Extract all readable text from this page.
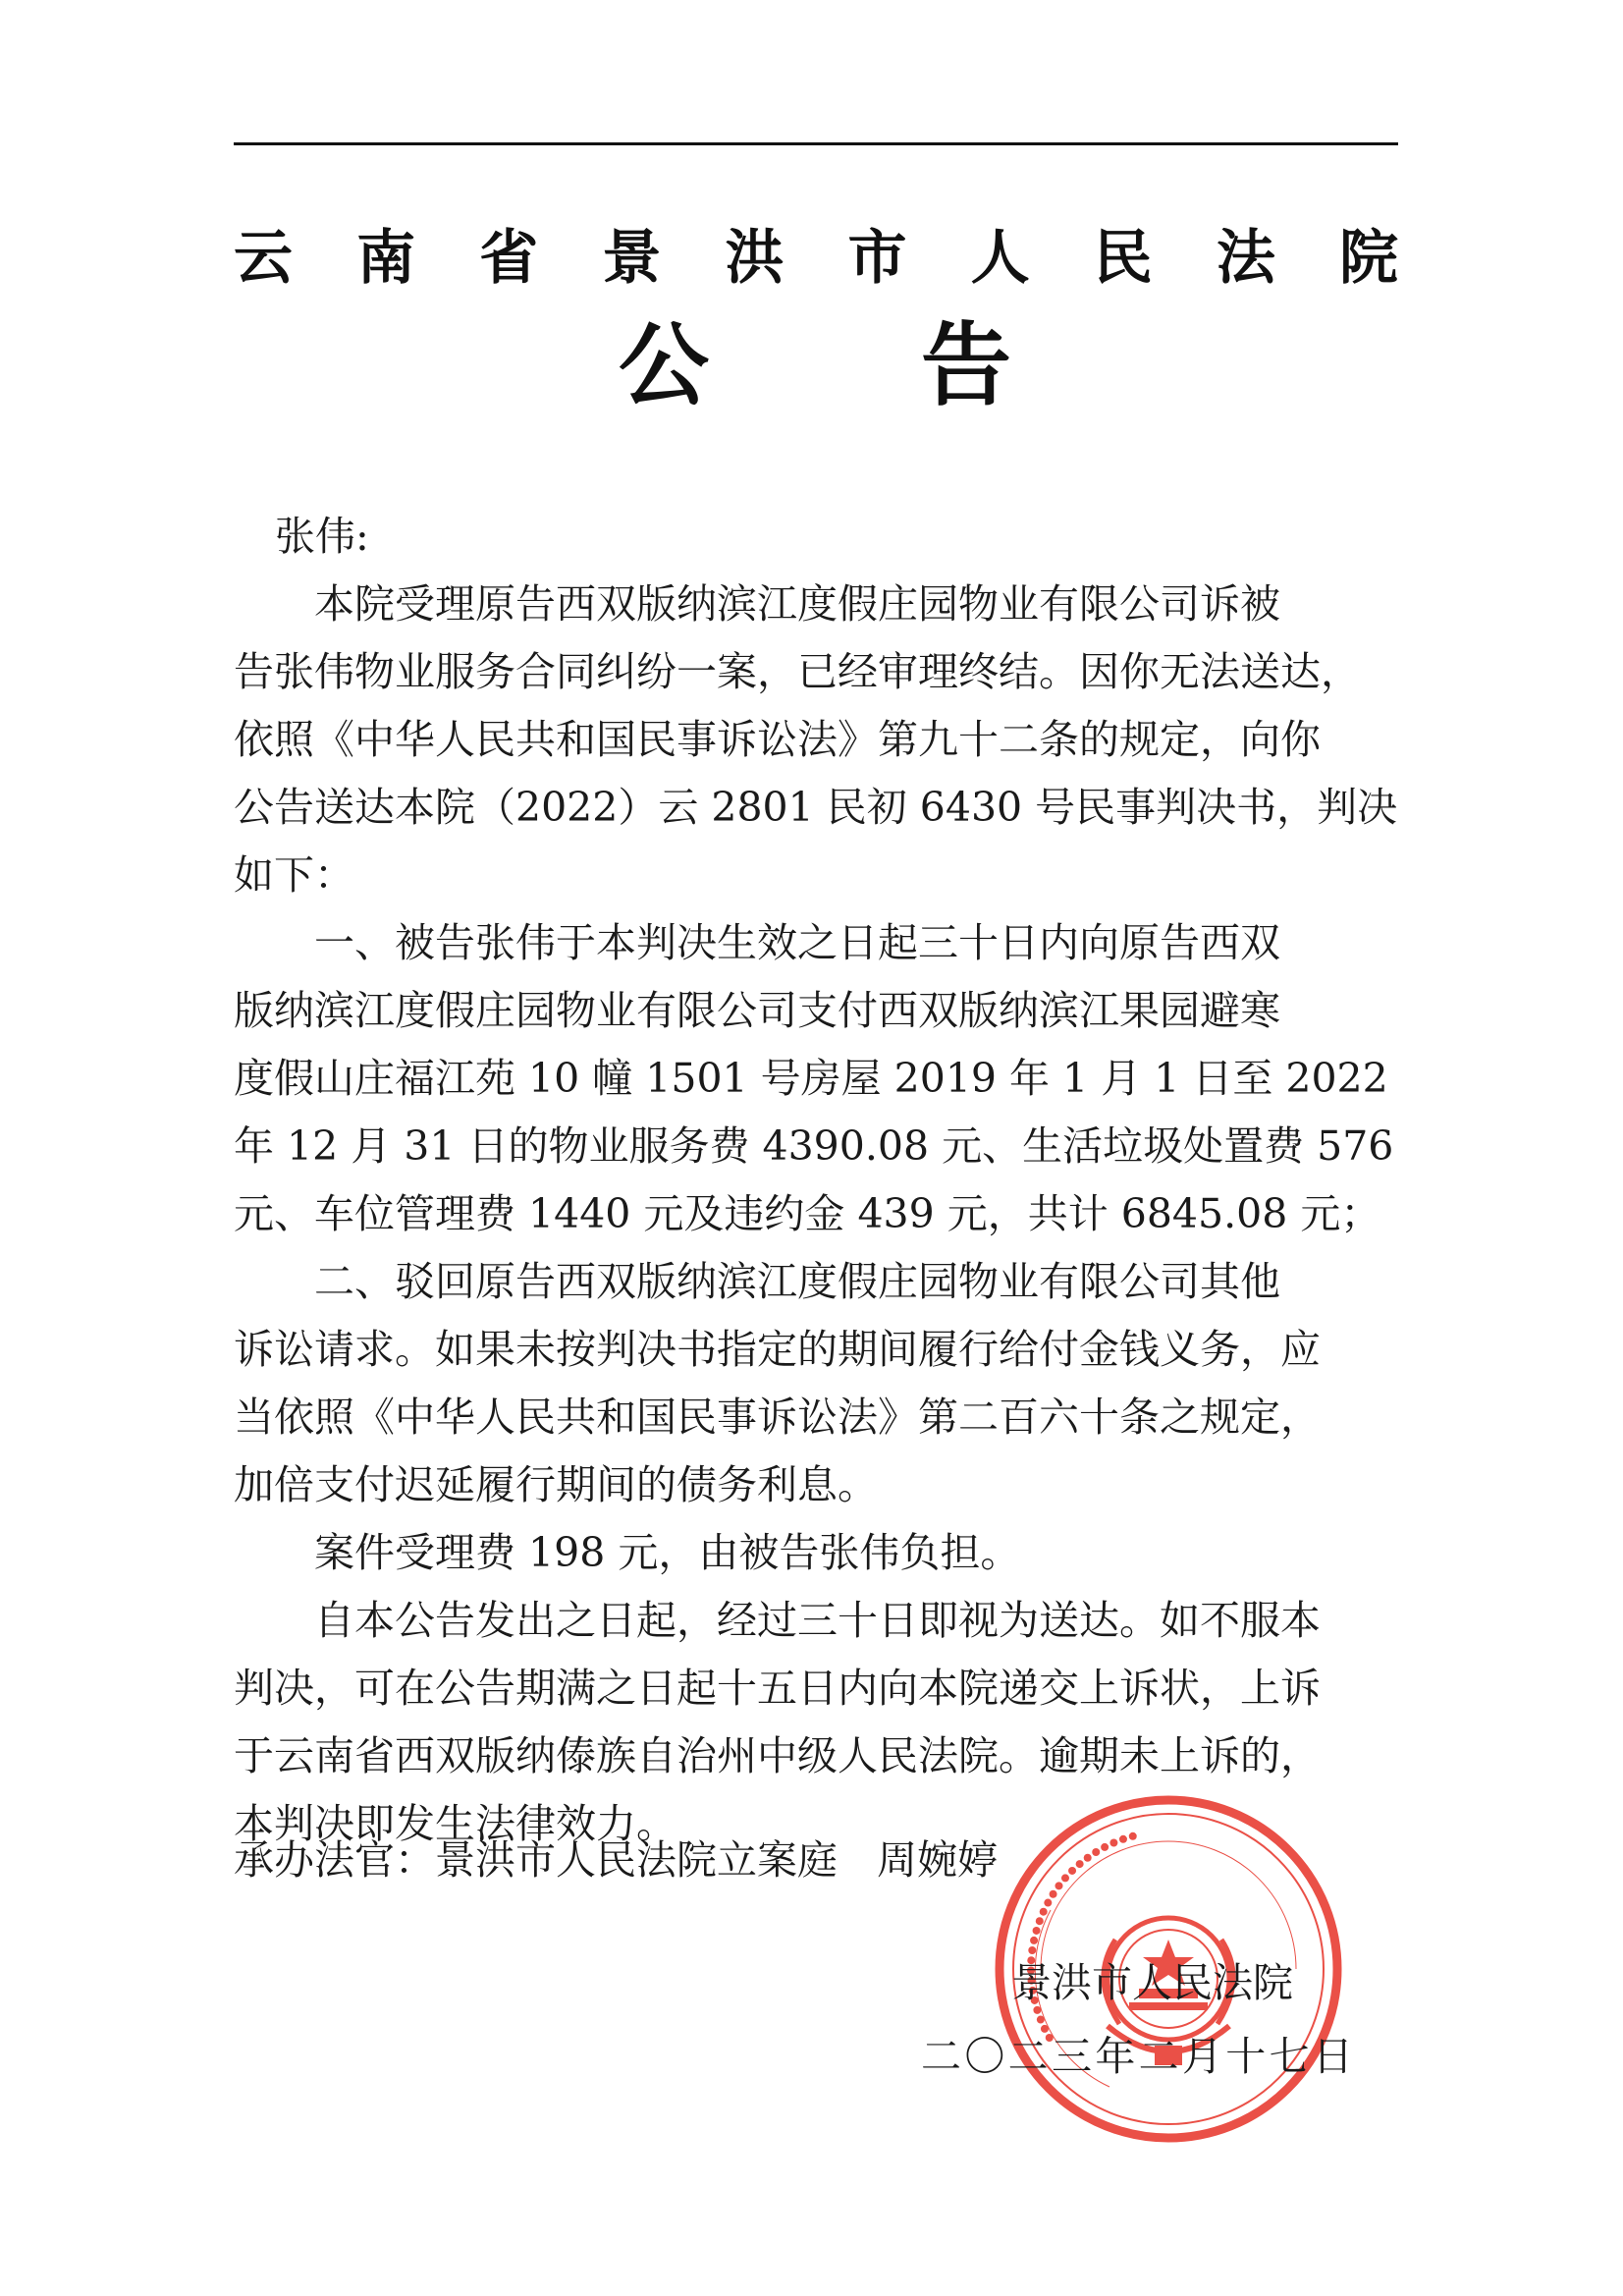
云 南 省 景 洪 市 人 民 法 院
公 告
张伟:
　　本院受理原告西双版纳滨江度假庄园物业有限公司诉被
告张伟物业服务合同纠纷一案，已经审理终结。因你无法送达，
依照《中华人民共和国民事诉讼法》第九十二条的规定，向你
公告送达本院（2022）云 2801 民初 6430 号民事判决书，判决
如下：
　　一、被告张伟于本判决生效之日起三十日内向原告西双
版纳滨江度假庄园物业有限公司支付西双版纳滨江果园避寒
度假山庄福江苑 10 幢 1501 号房屋 2019 年 1 月 1 日至 2022
年 12 月 31 日的物业服务费 4390.08 元、生活垃圾处置费 576
元、车位管理费 1440 元及违约金 439 元，共计 6845.08 元；
　　二、驳回原告西双版纳滨江度假庄园物业有限公司其他
诉讼请求。如果未按判决书指定的期间履行给付金钱义务，应
当依照《中华人民共和国民事诉讼法》第二百六十条之规定，
加倍支付迟延履行期间的债务利息。
　　案件受理费 198 元，由被告张伟负担。
　　自本公告发出之日起，经过三十日即视为送达。如不服本
判决，可在公告期满之日起十五日内向本院递交上诉状，上诉
于云南省西双版纳傣族自治州中级人民法院。逾期未上诉的，
本判决即发生法律效力。
承办法官：景洪市人民法院立案庭 周婉婷
景洪市人民法院
二 〇 二 三 年 二 月 十 七 日
